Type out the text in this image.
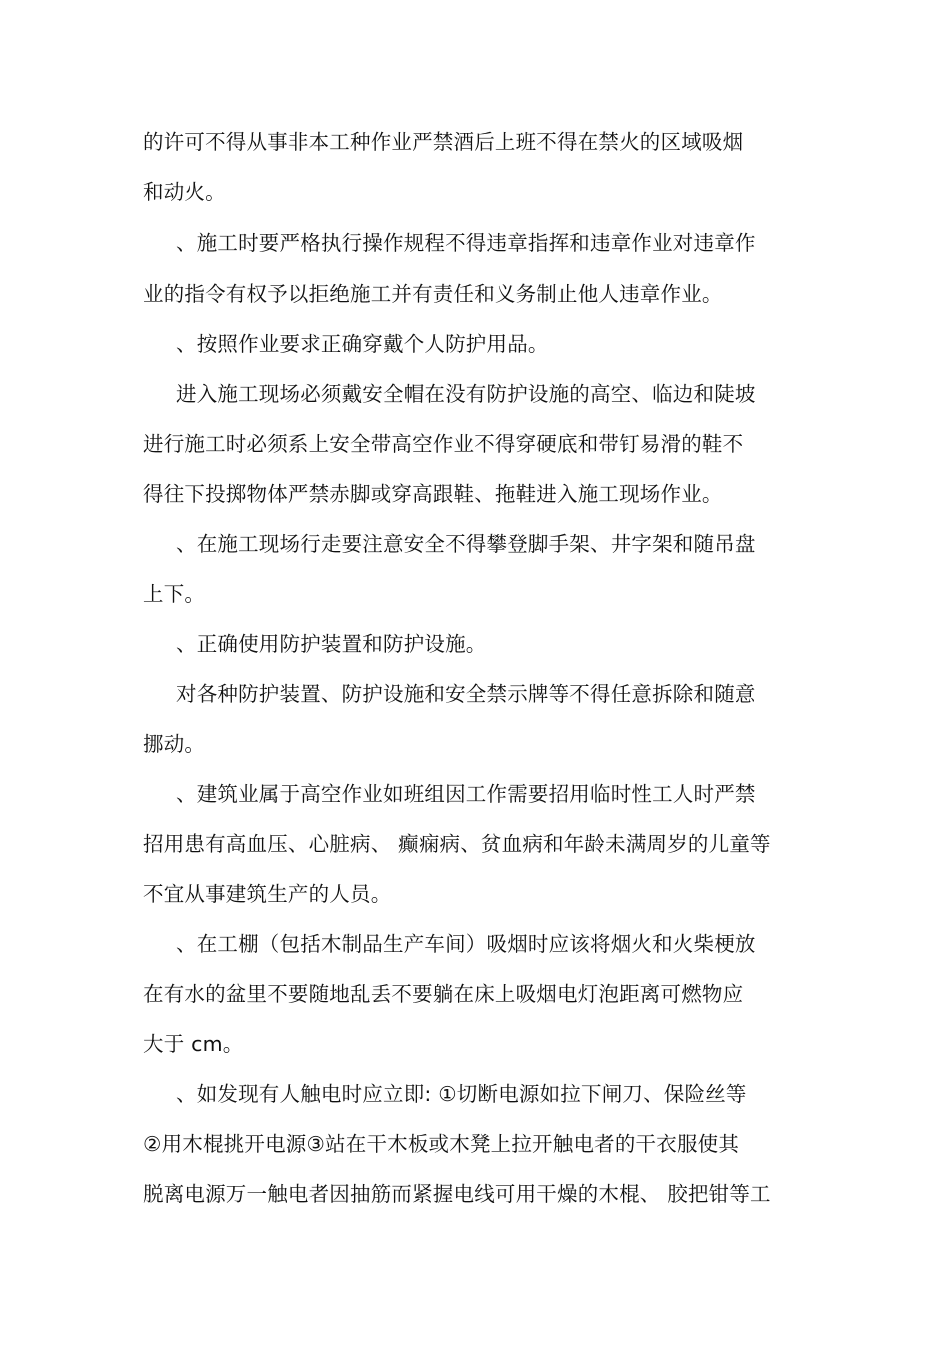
的许可不得从事非本工种作业严禁酒后上班不得在禁火的区域吸烟
和动火。
、施工时要严格执行操作规程不得违章指挥和违章作业对违章作
业的指令有权予以拒绝施工并有责任和义务制止他人违章作业。
、按照作业要求正确穿戴个人防护用品。
进入施工现场必须戴安全帽在没有防护设施的高空、临边和陡坡
进行施工时必须系上安全带高空作业不得穿硬底和带钉易滑的鞋不
得往下投掷物体严禁赤脚或穿高跟鞋、拖鞋进入施工现场作业。
、在施工现场行走要注意安全不得攀登脚手架、井字架和随吊盘
上下。
、正确使用防护装置和防护设施。
对各种防护装置、防护设施和安全禁示牌等不得任意拆除和随意
挪动。
、建筑业属于高空作业如班组因工作需要招用临时性工人时严禁
招用患有高血压、心脏病、 癫痫病、贫血病和年龄未满周岁的儿童等
不宜从事建筑生产的人员。
、在工棚（包括木制品生产车间）吸烟时应该将烟火和火柴梗放
在有水的盆里不要随地乱丢不要躺在床上吸烟电灯泡距离可燃物应
大于 cm。
、如发现有人触电时应立即: ①切断电源如拉下闸刀、保险丝等
②用木棍挑开电源③站在干木板或木凳上拉开触电者的干衣服使其
脱离电源万一触电者因抽筋而紧握电线可用干燥的木棍、 胶把钳等工
